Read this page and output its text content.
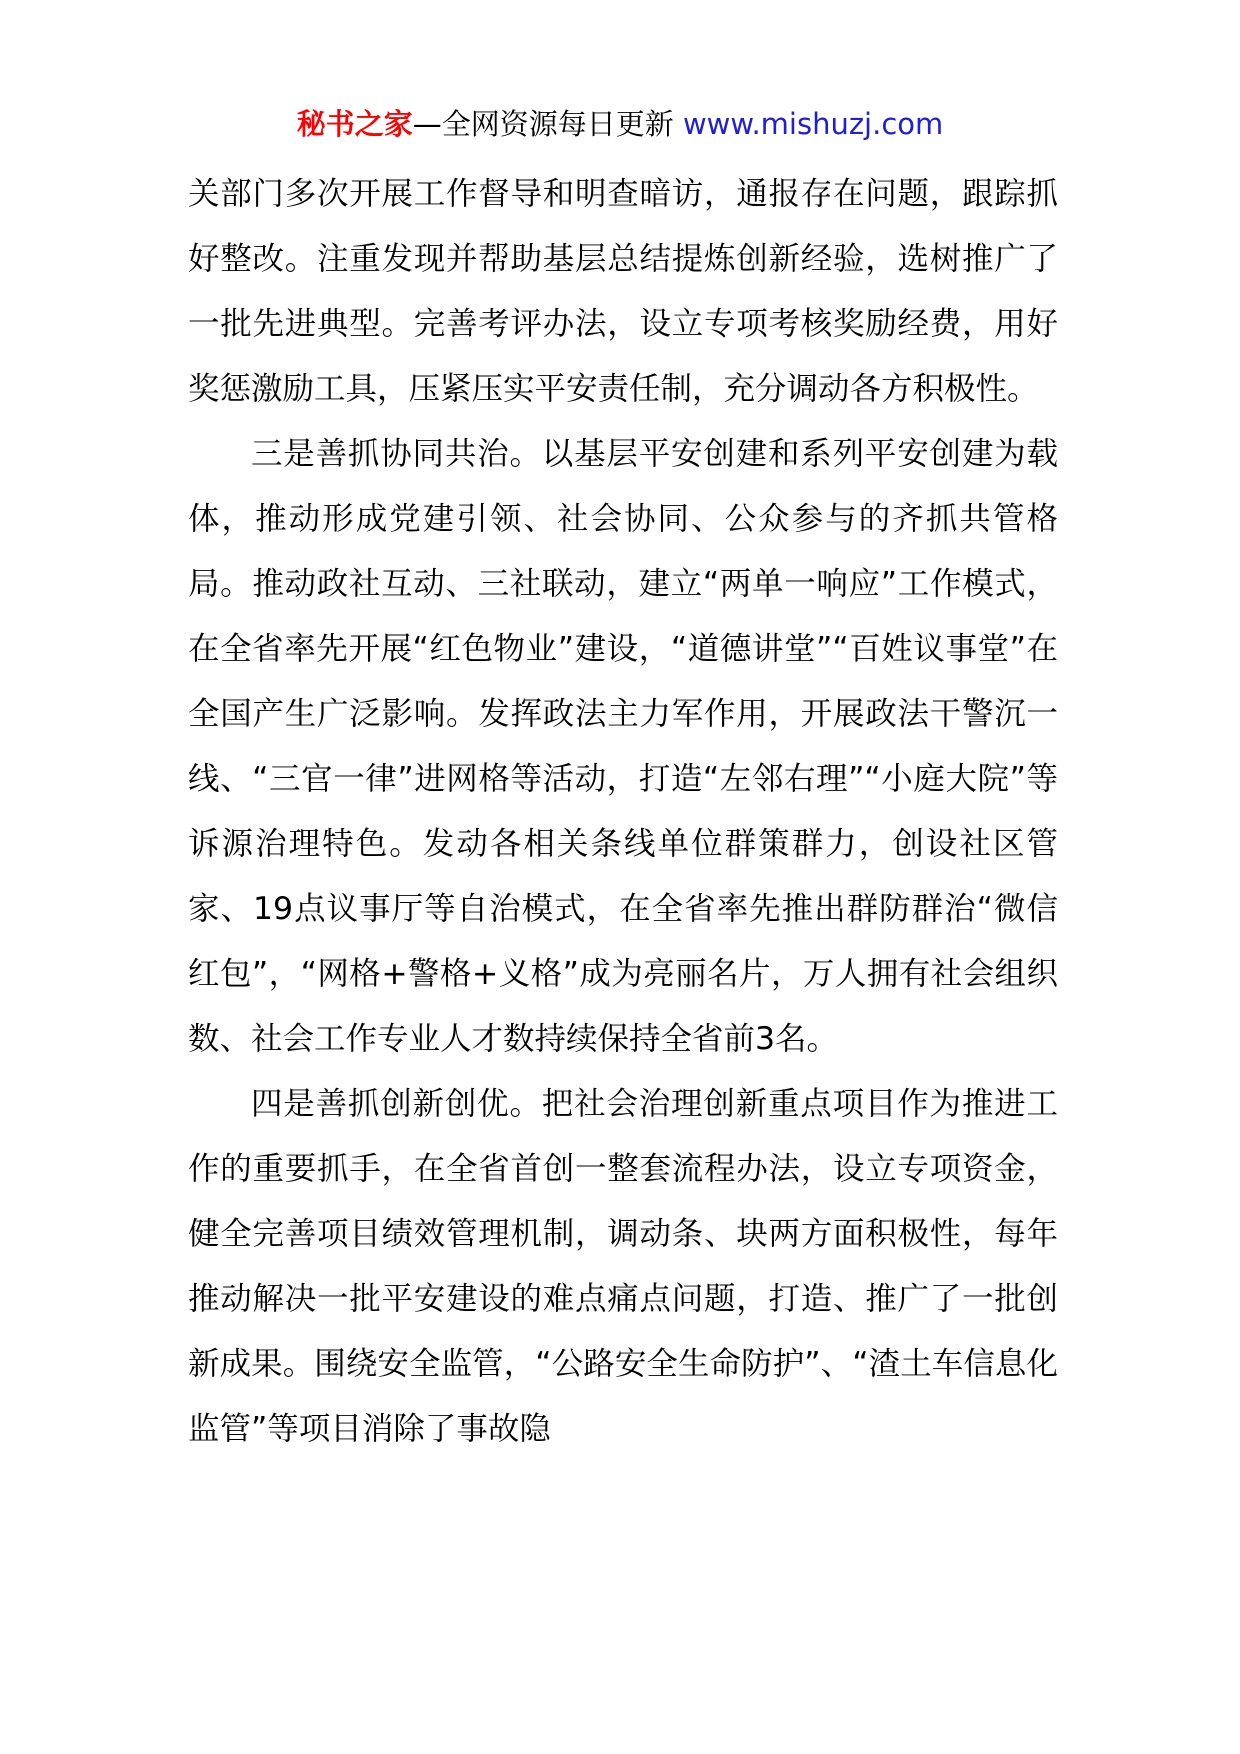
秘书之家—全网资源每日更新 www.mishuzj.com

关部门多次开展工作督导和明查暗访，通报存在问题，跟踪抓好整改。注重发现并帮助基层总结提炼创新经验，选树推广了一批先进典型。完善考评办法，设立专项考核奖励经费，用好奖惩激励工具，压紧压实平安责任制，充分调动各方积极性。

三是善抓协同共治。以基层平安创建和系列平安创建为载体，推动形成党建引领、社会协同、公众参与的齐抓共管格局。推动政社互动、三社联动，建立“两单一响应”工作模式，在全省率先开展“红色物业”建设，“道德讲堂”“百姓议事堂”在全国产生广泛影响。发挥政法主力军作用，开展政法干警沉一线、“三官一律”进网格等活动，打造“左邻右理”“小庭大院”等诉源治理特色。发动各相关条线单位群策群力，创设社区管家、19点议事厅等自治模式，在全省率先推出群防群治“微信红包”，“网格+警格+义格”成为亮丽名片，万人拥有社会组织数、社会工作专业人才数持续保持全省前3名。

四是善抓创新创优。把社会治理创新重点项目作为推进工作的重要抓手，在全省首创一整套流程办法，设立专项资金，健全完善项目绩效管理机制，调动条、块两方面积极性，每年推动解决一批平安建设的难点痛点问题，打造、推广了一批创新成果。围绕安全监管，“公路安全生命防护”、“渣土车信息化监管”等项目消除了事故隐
